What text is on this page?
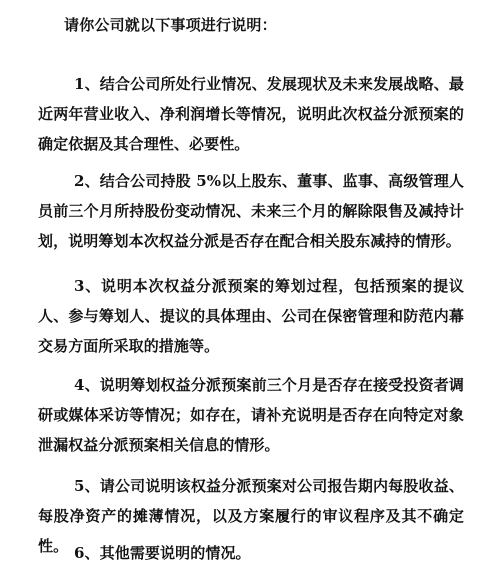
请你公司就以下事项进行说明：

1、结合公司所处行业情况、发展现状及未来发展战略、最近两年营业收入、净利润增长等情况，说明此次权益分派预案的确定依据及其合理性、必要性。

2、结合公司持股 5%以上股东、董事、监事、高级管理人员前三个月所持股份变动情况、未来三个月的解除限售及减持计划，说明筹划本次权益分派是否存在配合相关股东减持的情形。

3、说明本次权益分派预案的筹划过程，包括预案的提议人、参与筹划人、提议的具体理由、公司在保密管理和防范内幕交易方面所采取的措施等。

4、说明筹划权益分派预案前三个月是否存在接受投资者调研或媒体采访等情况；如存在，请补充说明是否存在向特定对象泄漏权益分派预案相关信息的情形。

5、请公司说明该权益分派预案对公司报告期内每股收益、每股净资产的摊薄情况，以及方案履行的审议程序及其不确定性。 6、其他需要说明的情况。
